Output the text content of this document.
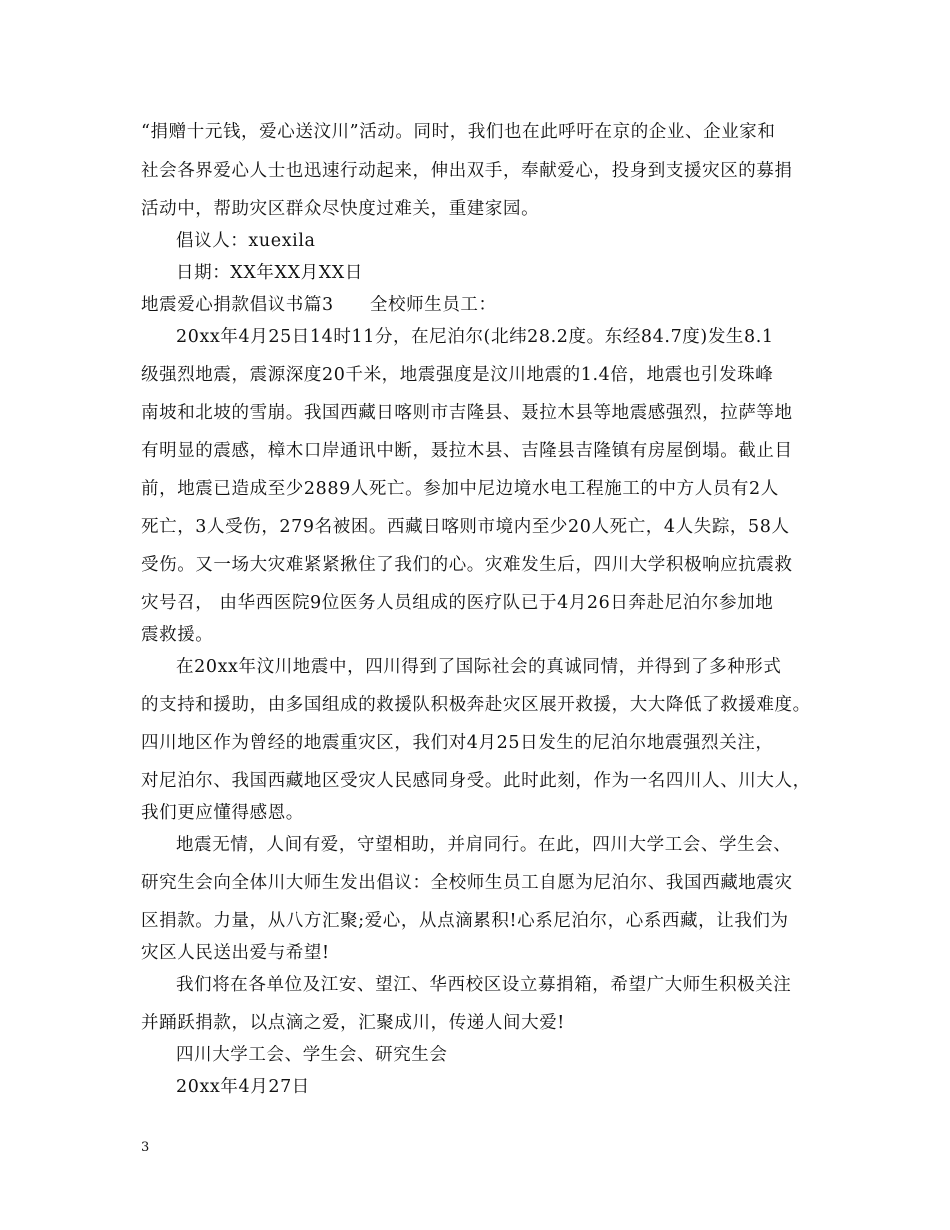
“捐赠十元钱，爱心送汶川”活动。同时，我们也在此呼吁在京的企业、企业家和
社会各界爱心人士也迅速行动起来，伸出双手，奉献爱心，投身到支援灾区的募捐
活动中，帮助灾区群众尽快度过难关，重建家园。
倡议人：xuexila
日期：XX年XX月XX日
地震爱心捐款倡议书篇3　　全校师生员工：
20xx年4月25日14时11分，在尼泊尔(北纬28.2度。东经84.7度)发生8.1
级强烈地震，震源深度20千米，地震强度是汶川地震的1.4倍，地震也引发珠峰
南坡和北坡的雪崩。我国西藏日喀则市吉隆县、聂拉木县等地震感强烈，拉萨等地
有明显的震感，樟木口岸通讯中断，聂拉木县、吉隆县吉隆镇有房屋倒塌。截止目
前，地震已造成至少2889人死亡。参加中尼边境水电工程施工的中方人员有2人
死亡，3人受伤，279名被困。西藏日喀则市境内至少20人死亡，4人失踪，58人
受伤。又一场大灾难紧紧揪住了我们的心。灾难发生后，四川大学积极响应抗震救
灾号召， 由华西医院9位医务人员组成的医疗队已于4月26日奔赴尼泊尔参加地
震救援。
在20xx年汶川地震中，四川得到了国际社会的真诚同情，并得到了多种形式
的支持和援助，由多国组成的救援队积极奔赴灾区展开救援，大大降低了救援难度。
四川地区作为曾经的地震重灾区，我们对4月25日发生的尼泊尔地震强烈关注，
对尼泊尔、我国西藏地区受灾人民感同身受。此时此刻，作为一名四川人、川大人，
我们更应懂得感恩。
地震无情，人间有爱，守望相助，并肩同行。在此，四川大学工会、学生会、
研究生会向全体川大师生发出倡议：全校师生员工自愿为尼泊尔、我国西藏地震灾
区捐款。力量，从八方汇聚;爱心，从点滴累积!心系尼泊尔，心系西藏，让我们为
灾区人民送出爱与希望!
我们将在各单位及江安、望江、华西校区设立募捐箱，希望广大师生积极关注
并踊跃捐款，以点滴之爱，汇聚成川，传递人间大爱!
四川大学工会、学生会、研究生会
20xx年4月27日
3
